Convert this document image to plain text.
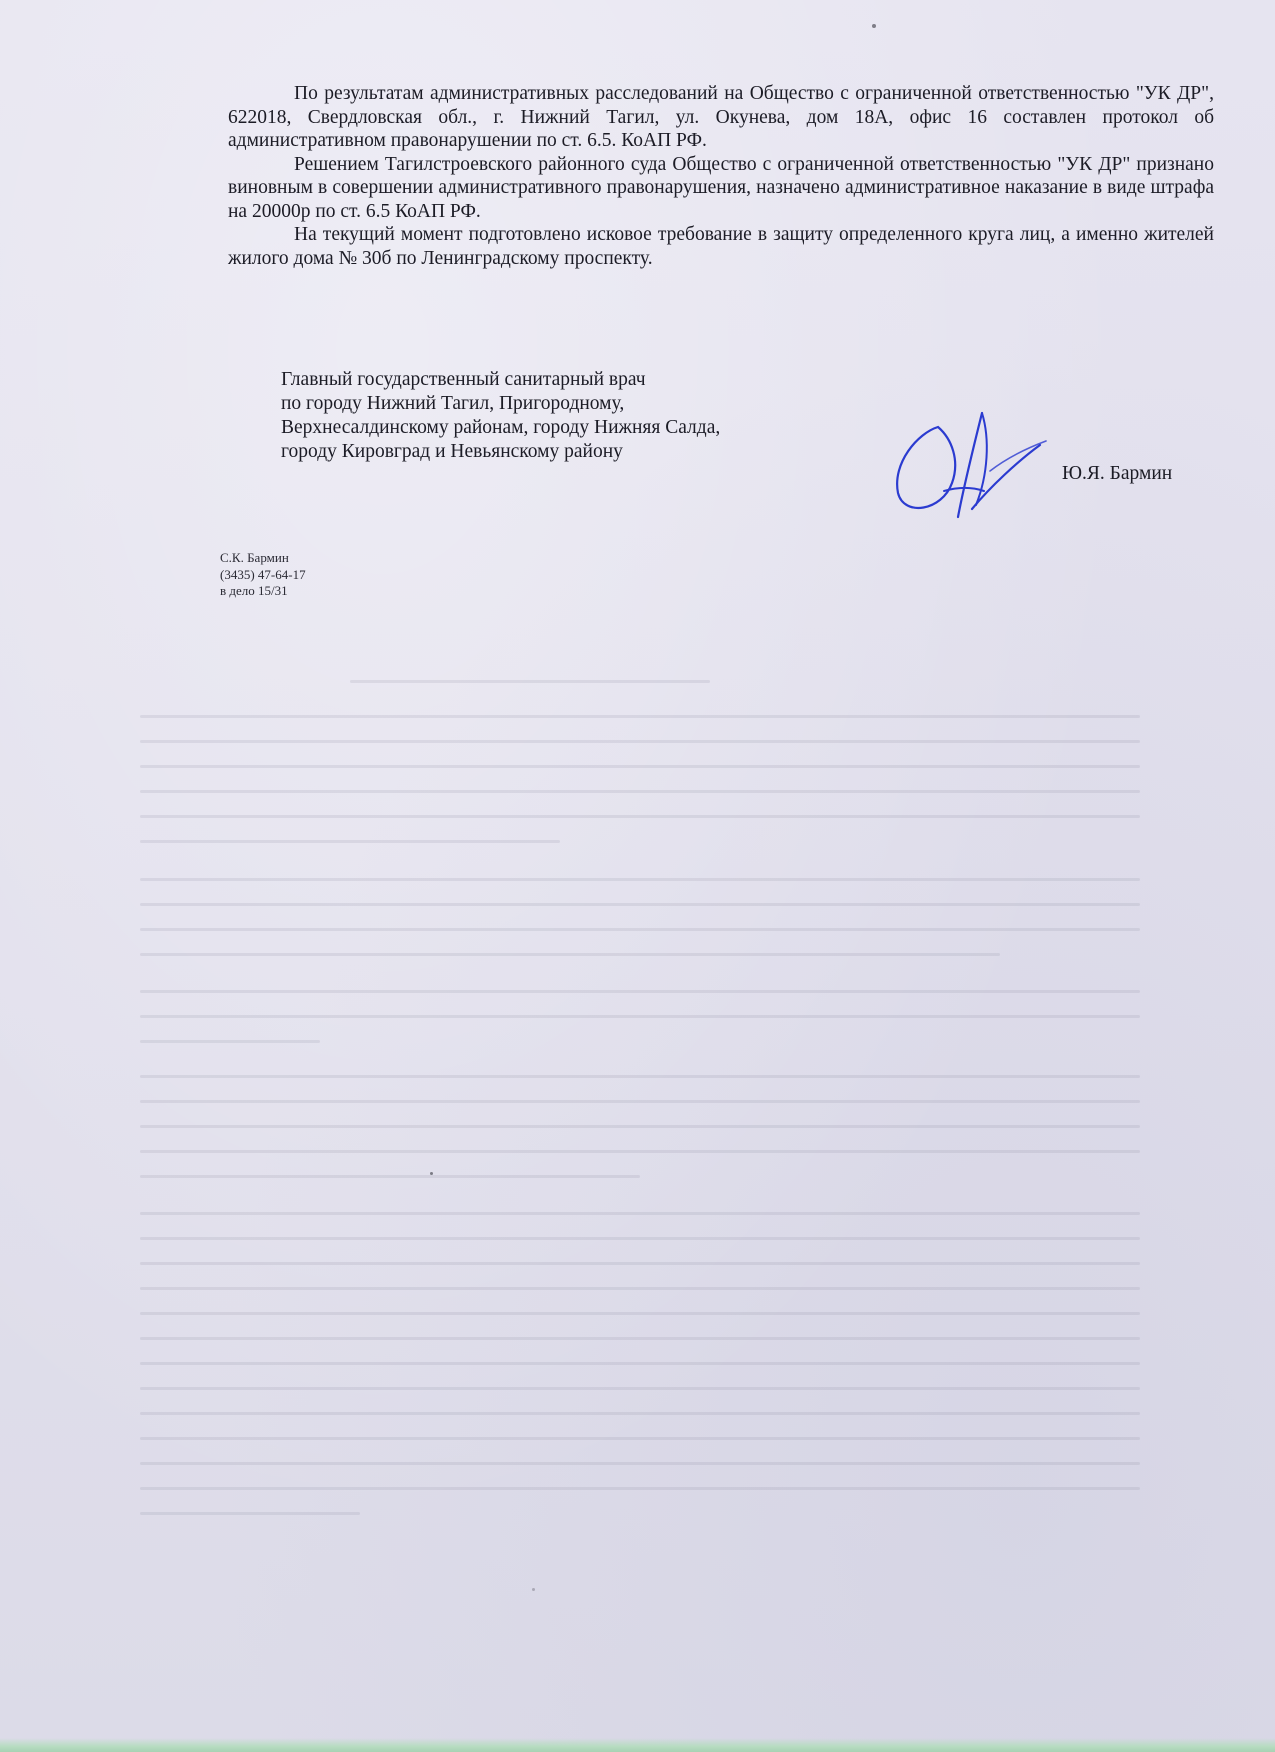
По результатам административных расследований на Общество с ограниченной ответственностью "УК ДР", 622018, Свердловская обл., г. Нижний Тагил, ул. Окунева, дом 18А, офис 16 составлен протокол об административном правонарушении по ст. 6.5. КоАП РФ.

Решением Тагилстроевского районного суда Общество с ограниченной ответственностью "УК ДР" признано виновным в совершении административного правонарушения, назначено административное наказание в виде штрафа на 20000р по ст. 6.5 КоАП РФ.

На текущий момент подготовлено исковое требование в защиту определенного круга лиц, а именно жителей жилого дома № 30б по Ленинградскому проспекту.

Главный государственный санитарный врач
по городу Нижний Тагил, Пригородному,
Верхнесалдинскому районам, городу Нижняя Салда,
городу Кировград и Невьянскому району
Ю.Я. Бармин
С.К. Бармин
(3435) 47-64-17
в дело 15/31
